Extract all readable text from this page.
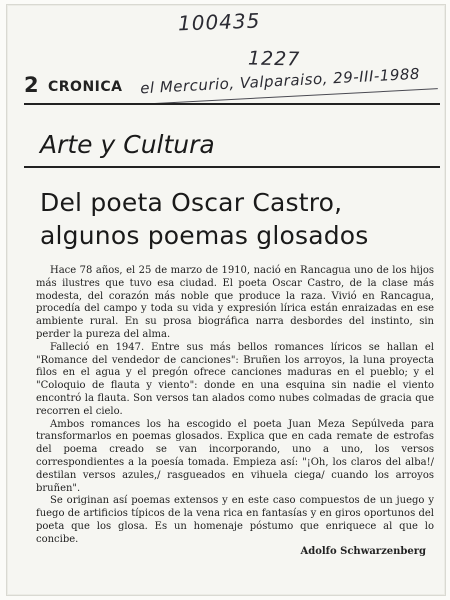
100435
1227
el Mercurio, Valparaiso, 29-III-1988
2 CRONICA
Arte y Cultura
Del poeta Oscar Castro,
algunos poemas glosados

Hace 78 años, el 25 de marzo de 1910, nació en Rancagua uno de los hijos más ilustres que tuvo esa ciudad. El poeta Oscar Castro, de la clase más modesta, del corazón más noble que produce la raza. Vivió en Rancagua, procedía del campo y toda su vida y expresión lírica están enraizadas en ese ambiente rural. En su prosa biográfica narra desbordes del instinto, sin perder la pureza del alma.

Falleció en 1947. Entre sus más bellos romances líricos se hallan el "Romance del vendedor de canciones": Bruñen los arroyos, la luna proyecta filos en el agua y el pregón ofrece canciones maduras en el pueblo; y el "Coloquio de flauta y viento": donde en una esquina sin nadie el viento encontró la flauta. Son versos tan alados como nubes colmadas de gracia que recorren el cielo.

Ambos romances los ha escogido el poeta Juan Meza Sepúlveda para transformarlos en poemas glosados. Explica que en cada remate de estrofas del poema creado se van incorporando, uno a uno, los versos correspondientes a la poesía tomada. Empieza así: "¡Oh, los claros del alba!/ destilan versos azules,/ rasgueados en vihuela ciega/ cuando los arroyos bruñen".

Se originan así poemas extensos y en este caso compuestos de un juego y fuego de artificios típicos de la vena rica en fantasías y en giros oportunos del poeta que los glosa. Es un homenaje póstumo que enriquece al que lo concibe.

Adolfo Schwarzenberg
